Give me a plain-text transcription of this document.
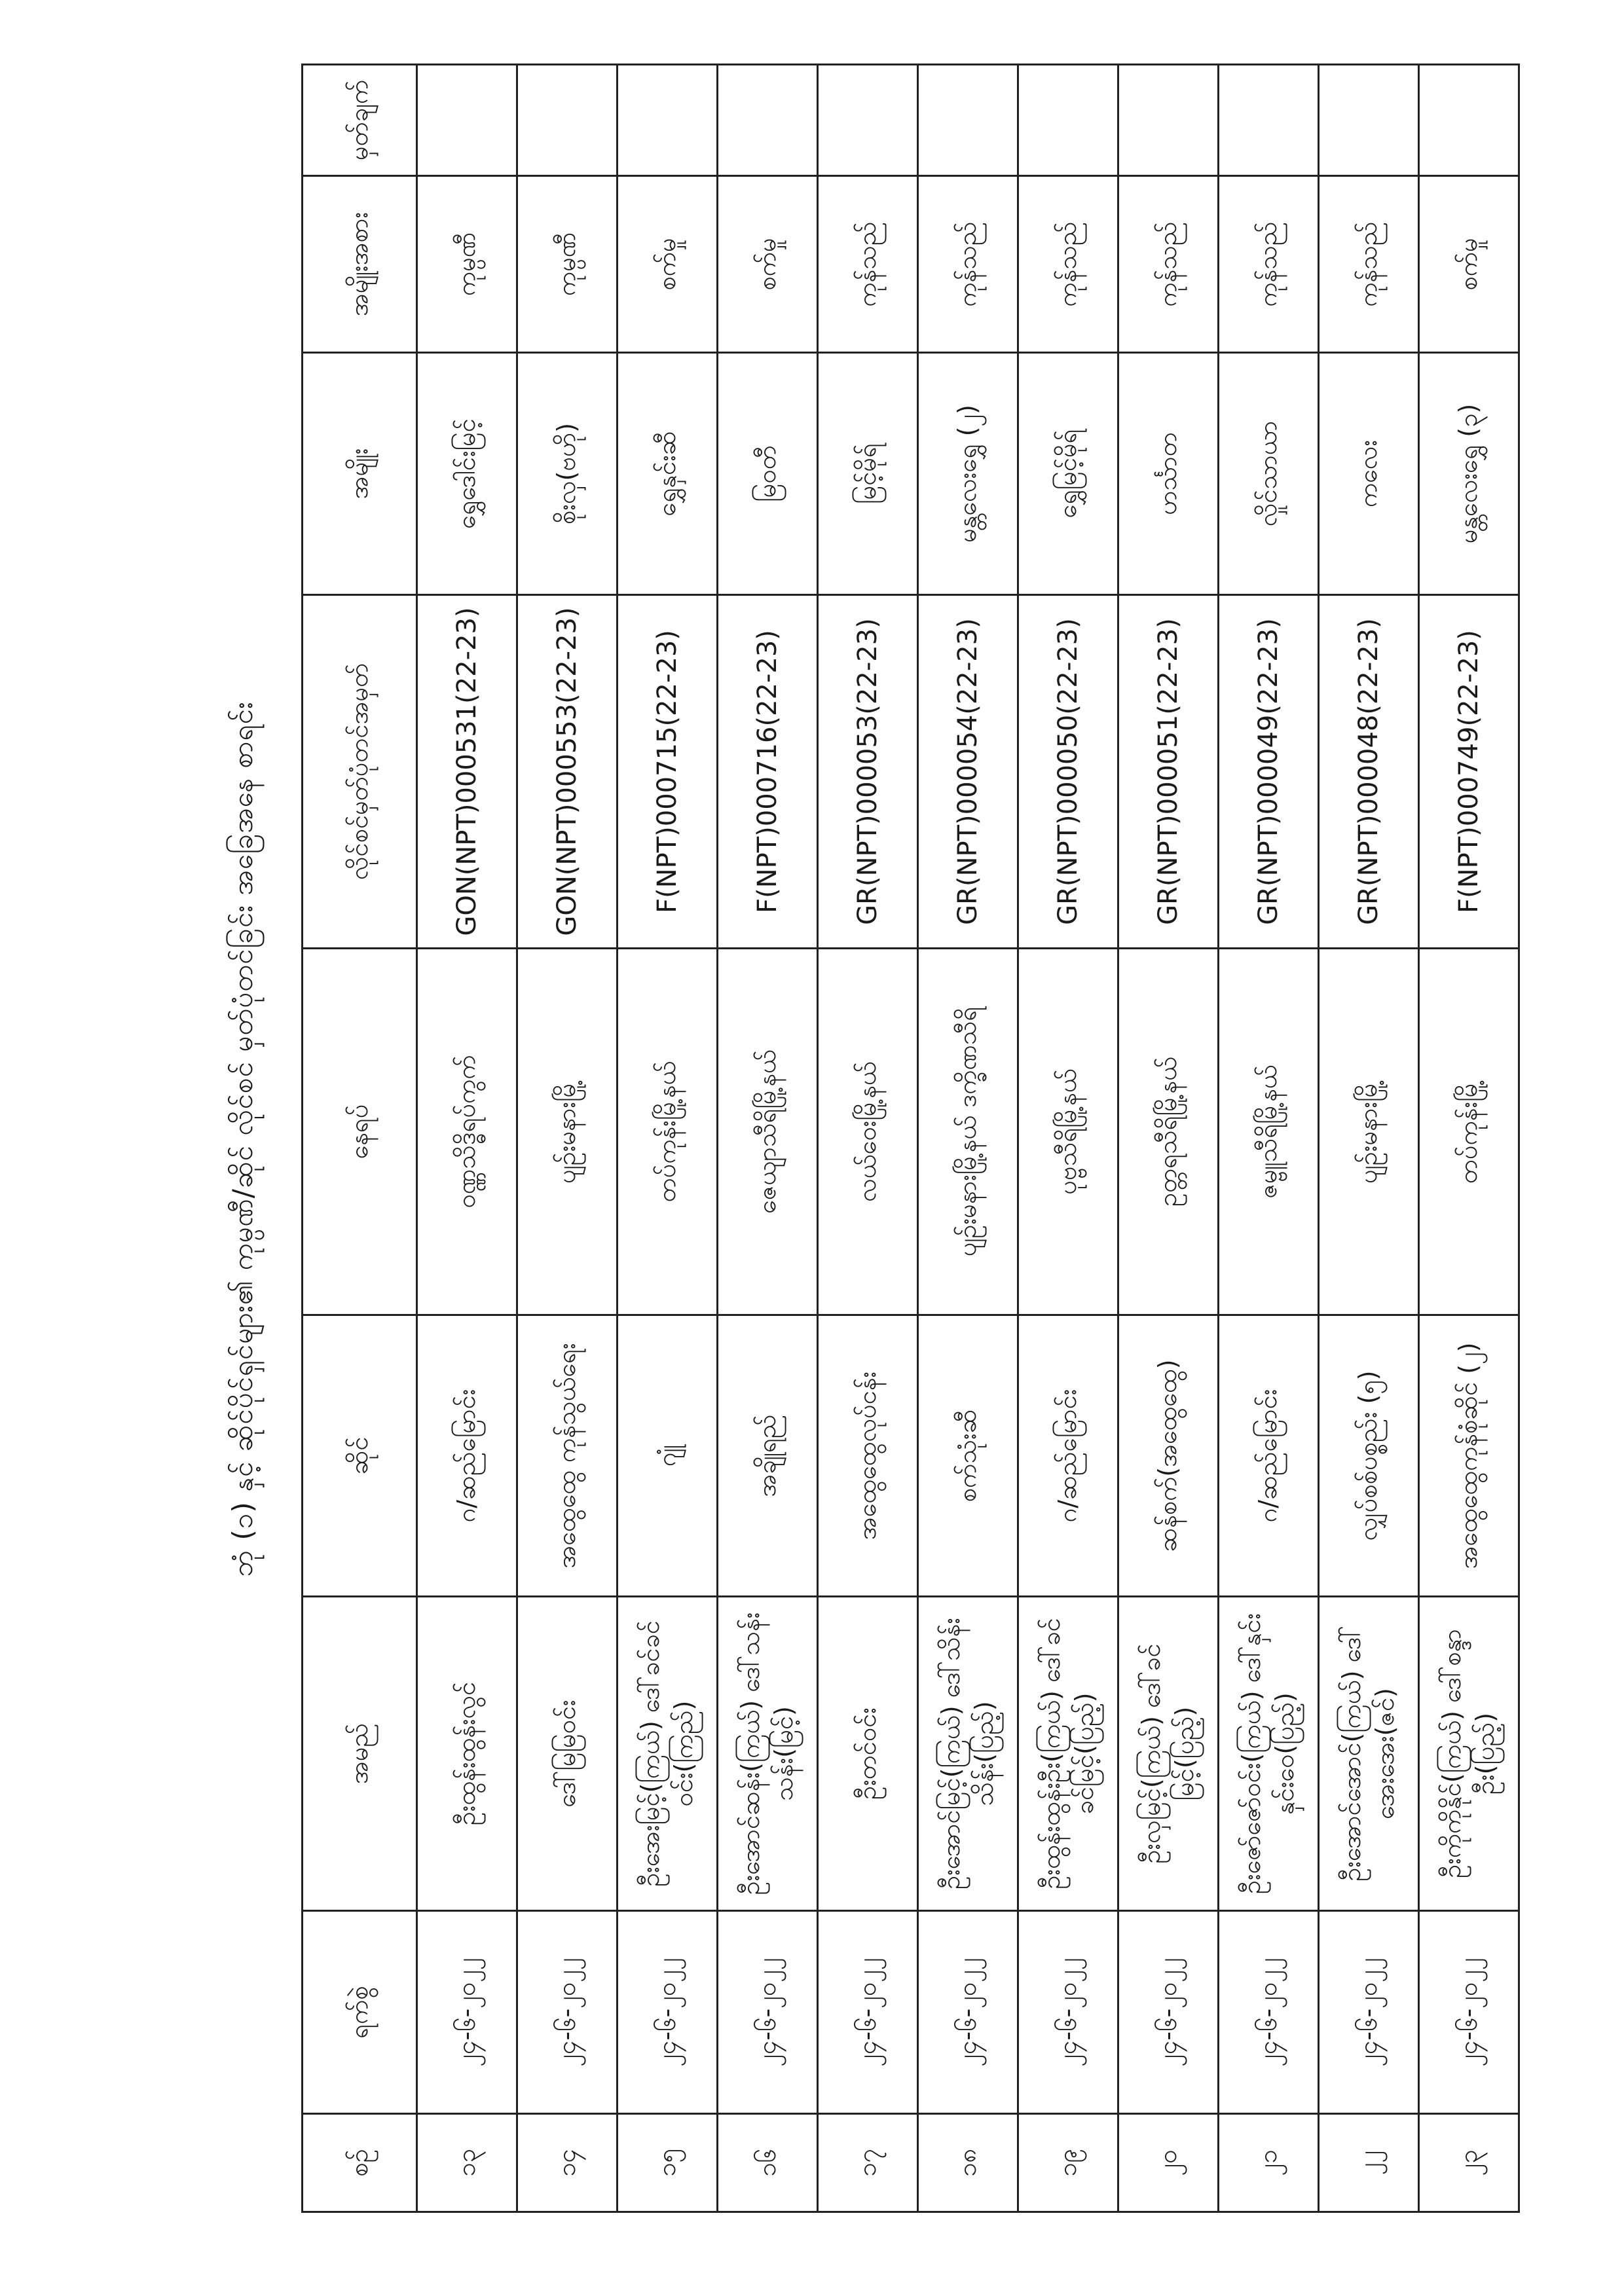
ဘုံ (၁) နှင့် ဆိုင်ပိုင်ရှင်များ၏ ကုမ္ပဏီ/ဆိုင် လိုင်စင် မှတ်ပုံတင်ခြင်း အခြေအနေ စာရင်း
စဉ်	ရက်စွဲ	အမည်	ဆိုင်	နေရပ်	လိုင်စင်မှတ်ပုံတင်အမှတ်	အမျိုး	အမျိုးအစား	မှတ်ချက်
၁၃	၂၄-၆-၂၀၂၂	ဦးထွန်းထွန်းလွင်	ဂ/ဆည်မြောင်း	ဝဏ္ဏသိဒ္ဓိရပ်ကွက်	GON(NPT)000531(22-23)	ရွှေဒေါင်းမြင့်	ကုမ္ပဏီ	
၁၄	၂၄-၆-၂၀၂၂	ဒေါ်မြမြဝင်း	အထွေထွေ ကုန်သွယ်ရေး	ပျဉ်းမနားမြို့	GON(NPT)000553(22-23)	စိုးလှ(ဗဟို)	ကုမ္ပဏီ	
၁၅	၂၄-၆-၂၀၂၂	ဦးအေးမြင့်(ကြယ်) ဒေါ်ခင်ခင်ဝင်း(ကြည်)	ဂျုံ	တပ်ကုန်းမြို့နယ်	F(NPT)000715(22-23)	ရွှေနှင်းဆီ	စက်မှု	
၁၆	၂၄-၆-၂၀၂၂	ဦးအောင်ဆန်း(ကြယ်) ဒေါ်သန်းသန်း(မြင့်)	အချိုရည်	ဇေယျာသီရိမြို့နယ်	F(NPT)000716(22-23)	မြဝတီ	စက်မှု	
၁၇	၂၄-၆-၂၀၂၂	ဦးတင်ဝင်း	အထွေထွေလုပ်ငန်း	လယ်ဝေးမြို့နယ်	GR(NPT)000053(22-23)	မြင့်မိုရ်	ကုန်သည်	
၁၈	၂၄-၆-၂၀၂၂	ဦးအောင်မြင့်(ကြယ်) ဒေါ်သိန်းသိန်း(ပြည့်)	စက်သုံးဆီ	ပျဉ်းမနားမြို့နယ် ဒက္ခိဏသီရိ	GR(NPT)000054(22-23)	မန္တလေးရွှေ (၂)	ကုန်သည်	
၁၉	၂၄-၆-၂၀၂၂	ဦးထွန်းထွန်းဦး(ကြယ်) ဒေါ်ခင်ခင်မြင့်(ပြည့်)	ဂ/ဆည်မြောင်း	ပုဗ္ဗသီရိမြို့နယ်	GR(NPT)000050(22-23)	ရွှေမြင့်မိုရ်	ကုန်သည်	
၂၀	၂၄-၆-၂၀၂၂	ဦးလှမြင့်(ကြယ်) ဒေါ်ခင်မြင့်(ပြည့်)	ဆန်စက်(အထွေထွေ)	ဥတ္တရသီရိမြို့နယ်	GR(NPT)000051(22-23)	ဟင်္သာတ	ကုန်သည်	
၂၁	၂၄-၆-၂၀၂၂	ဦးဇော်ဇော်ဝင်း(ကြယ်) ဒေါ်နှင်းနှင်းဝေ(ပြည့်)	ဂ/ဆည်မြောင်း	ဇမ္ဗူသီရိမြို့နယ်	GR(NPT)000049(22-23)	လှိုင်သာယာ	ကုန်သည်	
၂၂	၂၄-၆-၂၀၂၂	ဦးအောင်အောင်(ကြယ်) ဒေါ်အေးအေး(ဇင်)	လျှပ်စစ်ပစ္စည်း (၅)	ပျဉ်းမနားမြို့	GR(NPT)000048(22-23)	ကလေး	ကုန်သည်	
၂၃	၂၄-၆-၂၀၂၂	ဦးကိုကိုနိုင်(ကြယ်) ဒေါ်စန္ဒာဦး(ပြည့်)	အထွေထွေကုန်စုံဆိုင် (၂)	တပ်ကုန်းမြို့	F(NPT)000749(22-23)	မန္တလေးရွှေ (၃)	စက်မှု	
